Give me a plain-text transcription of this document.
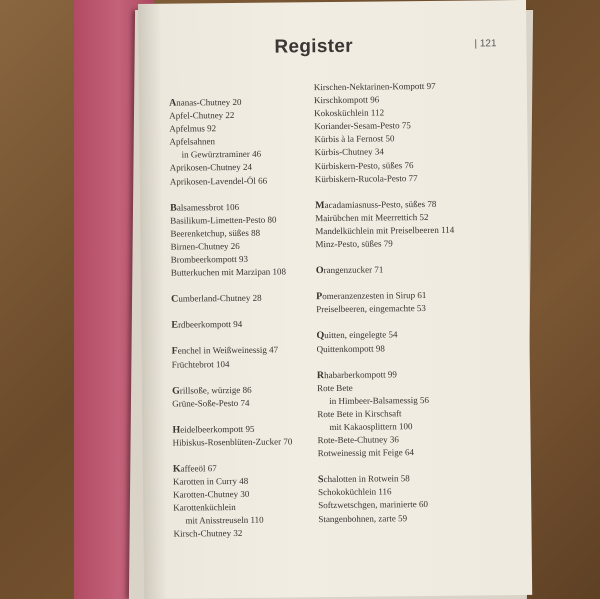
Register	| 121
Ananas-Chutney 20
Apfel-Chutney 22
Apfelmus 92
Apfelsahnen
in Gewürztraminer 46
Aprikosen-Chutney 24
Aprikosen-Lavendel-Öl 66
Balsamessbrot 106
Basilikum-Limetten-Pesto 80
Beerenketchup, süßes 88
Birnen-Chutney 26
Brombeerkompott 93
Butterkuchen mit Marzipan 108
Cumberland-Chutney 28
Erdbeerkompott 94
Fenchel in Weißweinessig 47
Früchtebrot 104
Grillsoße, würzige 86
Grüne-Soße-Pesto 74
Heidelbeerkompott 95
Hibiskus-Rosenblüten-Zucker 70
Kaffeeöl 67
Karotten in Curry 48
Karotten-Chutney 30
Karottenküchlein
mit Anisstreuseln 110
Kirsch-Chutney 32
Kirschen-Nektarinen-Kompott 97
Kirschkompott 96
Kokosküchlein 112
Koriander-Sesam-Pesto 75
Kürbis à la Fernost 50
Kürbis-Chutney 34
Kürbiskern-Pesto, süßes 76
Kürbiskern-Rucola-Pesto 77
Macadamiasnuss-Pesto, süßes 78
Mairübchen mit Meerrettich 52
Mandelküchlein mit Preiselbeeren 114
Minz-Pesto, süßes 79
Orangenzucker 71
Pomeranzenzesten in Sirup 61
Preiselbeeren, eingemachte 53
Quitten, eingelegte 54
Quittenkompott 98
Rhabarberkompott 99
Rote Bete
in Himbeer-Balsamessig 56
Rote Bete in Kirschsaft
mit Kakaosplittern 100
Rote-Bete-Chutney 36
Rotweinessig mit Feige 64
Schalotten in Rotwein 58
Schokoküchlein 116
Softzwetschgen, marinierte 60
Stangenbohnen, zarte 59
